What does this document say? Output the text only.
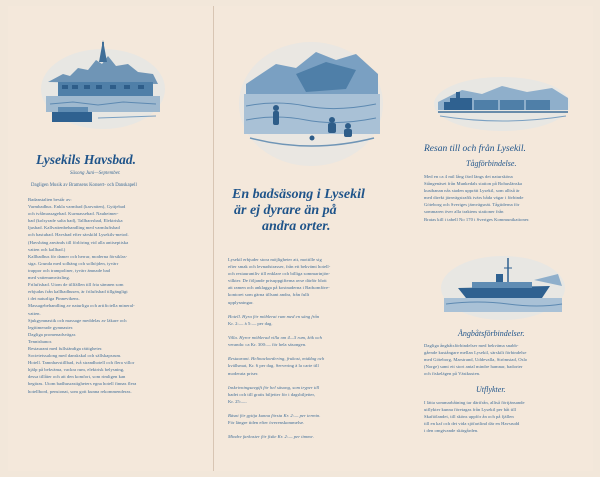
Lysekils Havsbad.
Säsong Juni—September.
Dagligen Musik av Bramsens Konsert- och Danskapell

Badanstalten består av:

Varmbadhus. Enkla varmbad (karvatten), Gyttjebad

och tvålmassagebad. Kurmassebad. Nauheimer-

bad (kolsyrade salta bad), Tallbarrsbad, Elektriska

ljusbad. Kallvattenbehandling med varmluftsbad

och bastubad. Havsbad efter särskild Lysekils-metod.

(Havsbäng används till förlöring vid alla antiseptiska

vatten och kallbad.)

Kallbadhus för damer och herrar, moderna förstklas-

siga. Grunda med solbäng och solhöjden, tyvärr

trappor och trampoliner, tyvärr ämnade bad

med vattenumväxling.

Friluftsbad. Utom de tillfällen till fria sämnen som

erbjudas från kallbadhusen, är friluftsbad tillgängligt

i det naturliga Pinnevikens.

Massagebehandling av naturliga och artificiella mineral-

vatten.

Sjukgymnastik och massage meddelas av läkare och

legitimerade gymnaster.

Dagliga promenadsvägar.

Tennisbanor.

Restaurant med fullständiga rättigheter.

Societetssalong med danskskal och sällskapsrum.

Hotell. Tamnhavstillbad, två strandhotell och flera villor

hjälp på bekväma, vackra rum, elektrisk belysning,

dessa tillåter och att den komfort, som rimligen kan

begäras. Utom badhusrastigheters egna hotell finnas flera

hotellbord, pensionat, som gott kunna rekommenderas.

En badsäsong i Lysekil
är ej dyrare än på
andra orter.

Lysekil erbjuder stora möjligheter att, mottille sig

efter smak och levnadstrasser, från ett bekvämt hotell-

och restaurantliv till enklare och billiga sommarinjön-

vilkter. De följande prisuppgifterna avse därför blott

att ramen och anklagga på kostnaderna i Badsomföre-

kontoret som gärna tillsant andra, från fullt

upplysningar.

Hotell. Hyra för möblerat rum med en säng från

Kr. 2:— à 5:— per dag.

Villa. Hyror möblerad villa om 4—5 rum, kök och

veranda: ca Kr. 300:— för hela säsongen.

Restaurant. Helinackordering, frukost, middag och

kvällsmat, Kr. 6 per dag. Servering à la carte till

moderata priser.

Inskrivningsavgift för hel säsong, som tryper till

badet och till gratis biljetter för i dagsbiljetter,

Kr. 25:—.

Bäsnt för gyttja kunna första Kr. 2:— per termin.

För längre tiden efter överenskommelse.

Mindre farkoster för fiske Kr. 2:— per timme.

Resan till och från Lysekil.
Tågförbindelse.

Med en ca 4 mil lång färd längs det natursköna

Stångenäset från Munkedals station på Bohuslänska

kustbanan nås staden upprätt Lysekil, som alltså är

med direkt järnvägstrafik tvärs båda vägar i förbinde

Göteborg och Sveriges järnvägsnät. Tågtiderna för

sommaren över alla traktens stationer från

Bratas kill i tabell No 170 i Sveriges Kommunikationer.

Ångbåtsförbindelser.

Dagliga ångbåtsförbindelser med bekväma snabb-

gående kustångare mellan Lysekil, särskilt förbindelse

med Göteborg, Marstrand, Uddevalla, Strömstad, Oslo

(Norge) samt ett stort antal mindre hamnar, badorter

och fiskelägen på Västkusten.

Utflykter.

I lätta sommarbåtning tar därifrån, alltså förtjänsande

utflykter kunna företagas från Lysekil per båt till

Skaftölandet, till sköns uppför ån och på fjällen

till en kaf och det vida sjöfartlind där en Havsrudd

i den omgivande skärgården.
